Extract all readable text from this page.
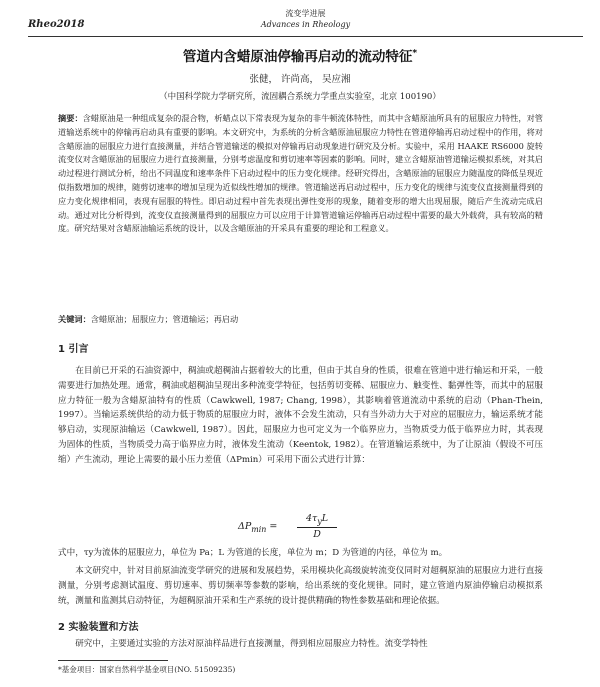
Rheo2018
流变学进展
Advances in Rheology
管道内含蜡原油停输再启动的流动特征*
张健， 许尚高， 吴应湘
（中国科学院力学研究所，流固耦合系统力学重点实验室，北京 100190）
摘要：含蜡原油是一种组成复杂的混合物，析蜡点以下常表现为复杂的非牛顿流体特性，而其中含蜡原油所具有的屈服应力特性，对管道输送系统中的停输再启动具有重要的影响。本文研究中，为系统的分析含蜡原油屈服应力特性在管道停输再启动过程中的作用，将对含蜡原油的屈服应力进行直接测量，并结合管道输送的模拟对停输再启动现象进行研究及分析。实验中，采用 HAAKE RS6000 旋转流变仪对含蜡原油的屈服应力进行直接测量，分别考虑温度和剪切速率等因素的影响。同时，建立含蜡原油管道输运模拟系统，对其启动过程进行测试分析，给出不同温度和速率条件下启动过程中的压力变化规律。经研究得出，含蜡原油的屈服应力随温度的降低呈现近似指数增加的规律，随剪切速率的增加呈现为近似线性增加的规律。管道输送再启动过程中，压力变化的规律与流变仪直接测量得到的应力变化规律相同，表现有屈服的特性。即启动过程中首先表现出弹性变形的现象，随着变形的增大出现屈服，随后产生流动完成启动。通过对比分析得到，流变仪直接测量得到的屈服应力可以应用于计算管道输运停输再启动过程中需要的最大外载荷，具有较高的精度。研究结果对含蜡原油输运系统的设计，以及含蜡原油的开采具有重要的理论和工程意义。
关键词：含蜡原油；屈服应力；管道输运；再启动
1 引言
在目前已开采的石油资源中，稠油或超稠油占据着较大的比重，但由于其自身的性质，很难在管道中进行输运和开采，一般需要进行加热处理。通常，稠油或超稠油呈现出多种流变学特征，包括剪切变稀、屈服应力、触变性、黏弹性等，而其中的屈服应力特征一般为含蜡原油特有的性质（Cawkwell, 1987; Chang, 1998），其影响着管道流动中系统的启动（Phan-Thein, 1997）。当输运系统供给的动力低于物质的屈服应力时，液体不会发生流动，只有当外动力大于对应的屈服应力，输运系统才能够启动，实现原油输运（Cawkwell, 1987）。因此，屈服应力也可定义为一个临界应力，当物质受力低于临界应力时，其表现为固体的性质，当物质受力高于临界应力时，液体发生流动（Keentok, 1982）。在管道输运系统中，为了让原油（假设不可压缩）产生流动，理论上需要的最小压力差值（ΔPmin）可采用下面公式进行计算：
$\Delta P_{min}$ =
$4\tau_yL$
D
式中，τy为流体的屈服应力，单位为 Pa；L 为管道的长度，单位为 m；D 为管道的内径，单位为 m。
本文研究中，针对目前原油流变学研究的进展和发展趋势，采用模块化高级旋转流变仪同时对超稠原油的屈服应力进行直接测量，分别考虑测试温度、剪切速率、剪切频率等参数的影响，给出系统的变化规律。同时，建立管道内原油停输启动模拟系统，测量和监测其启动特征，为超稠原油开采和生产系统的设计提供精确的物性参数基础和理论依据。
2 实验装置和方法
研究中，主要通过实验的方法对原油样品进行直接测量，得到相应屈服应力特性。流变学特性
*基金项目：国家自然科学基金项目(NO. 51509235)
